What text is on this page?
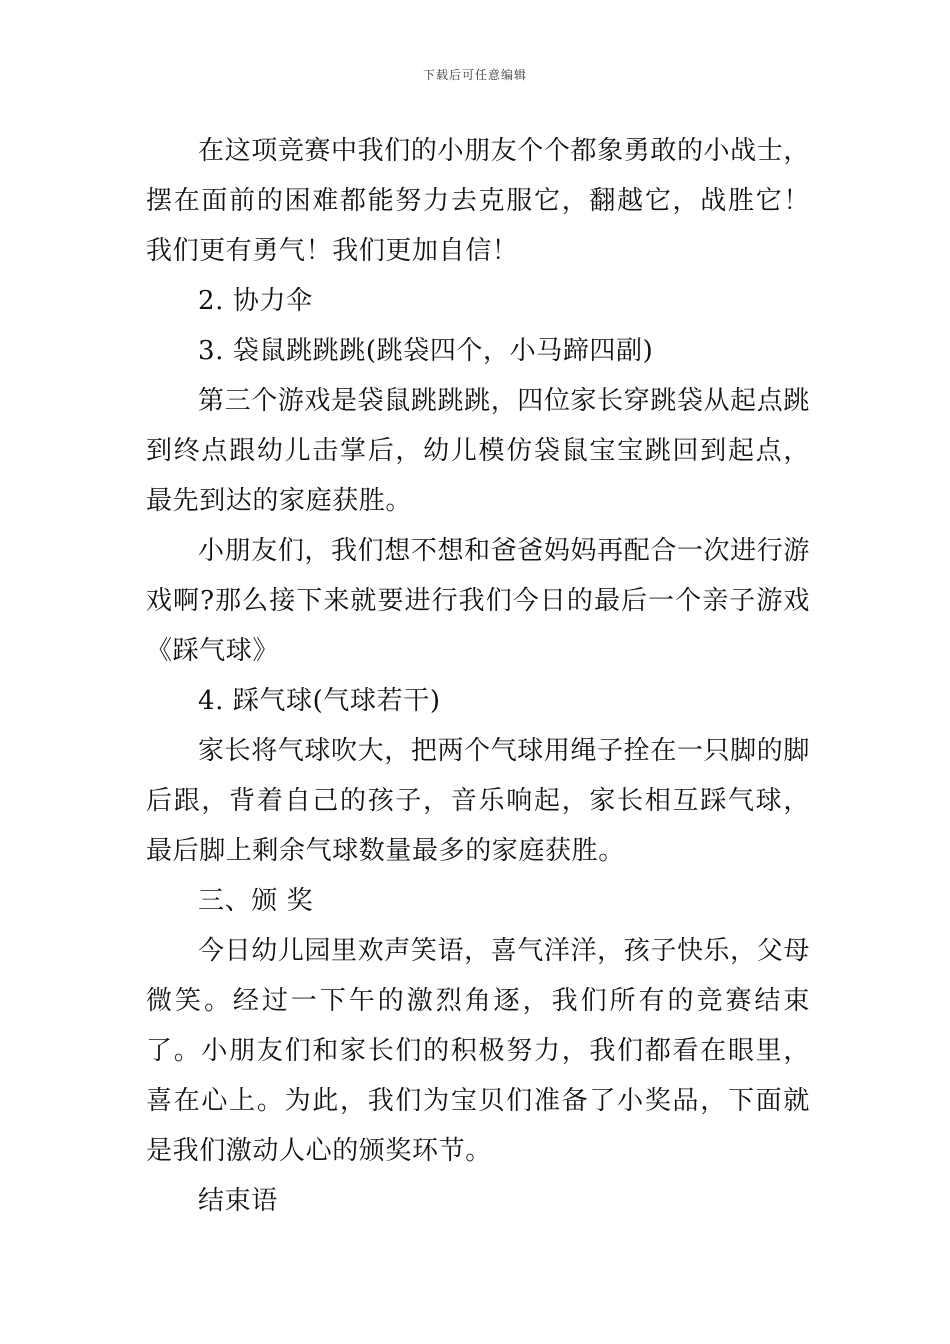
下载后可任意编辑

在这项竞赛中我们的小朋友个个都象勇敢的小战士，摆在面前的困难都能努力去克服它，翻越它，战胜它！我们更有勇气！我们更加自信！

2. 协力伞

3. 袋鼠跳跳跳(跳袋四个，小马蹄四副)

第三个游戏是袋鼠跳跳跳，四位家长穿跳袋从起点跳到终点跟幼儿击掌后，幼儿模仿袋鼠宝宝跳回到起点，最先到达的家庭获胜。

小朋友们，我们想不想和爸爸妈妈再配合一次进行游戏啊?那么接下来就要进行我们今日的最后一个亲子游戏《踩气球》

4. 踩气球(气球若干)

家长将气球吹大，把两个气球用绳子拴在一只脚的脚后跟，背着自己的孩子，音乐响起，家长相互踩气球，最后脚上剩余气球数量最多的家庭获胜。

三、颁 奖

今日幼儿园里欢声笑语，喜气洋洋，孩子快乐，父母微笑。经过一下午的激烈角逐，我们所有的竞赛结束了。小朋友们和家长们的积极努力，我们都看在眼里，喜在心上。为此，我们为宝贝们准备了小奖品，下面就是我们激动人心的颁奖环节。

结束语
